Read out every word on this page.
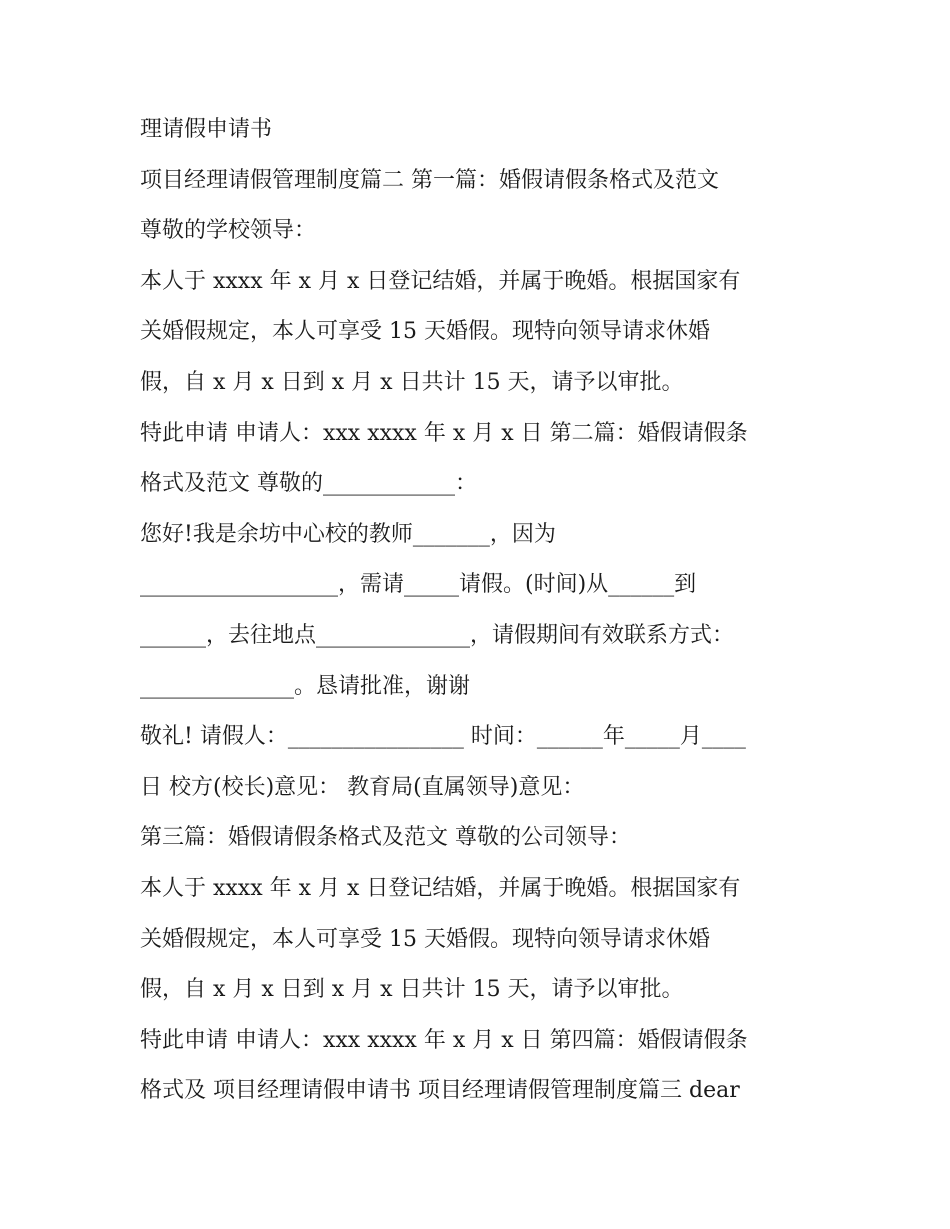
理请假申请书
项目经理请假管理制度篇二 第一篇：婚假请假条格式及范文
尊敬的学校领导：
本人于 xxxx 年 x 月 x 日登记结婚，并属于晚婚。根据国家有
关婚假规定，本人可享受 15 天婚假。现特向领导请求休婚
假，自 x 月 x 日到 x 月 x 日共计 15 天，请予以审批。
特此申请 申请人：xxx xxxx 年 x 月 x 日 第二篇：婚假请假条
格式及范文 尊敬的____________：
您好!我是余坊中心校的教师_______，因为
__________________，需请_____请假。(时间)从______到
______，去往地点______________，请假期间有效联系方式：
______________。恳请批准，谢谢
敬礼! 请假人：________________ 时间：______年_____月____
日 校方(校长)意见： 教育局(直属领导)意见：
第三篇：婚假请假条格式及范文 尊敬的公司领导：
本人于 xxxx 年 x 月 x 日登记结婚，并属于晚婚。根据国家有
关婚假规定，本人可享受 15 天婚假。现特向领导请求休婚
假，自 x 月 x 日到 x 月 x 日共计 15 天，请予以审批。
特此申请 申请人：xxx xxxx 年 x 月 x 日 第四篇：婚假请假条
格式及 项目经理请假申请书 项目经理请假管理制度篇三 dear
